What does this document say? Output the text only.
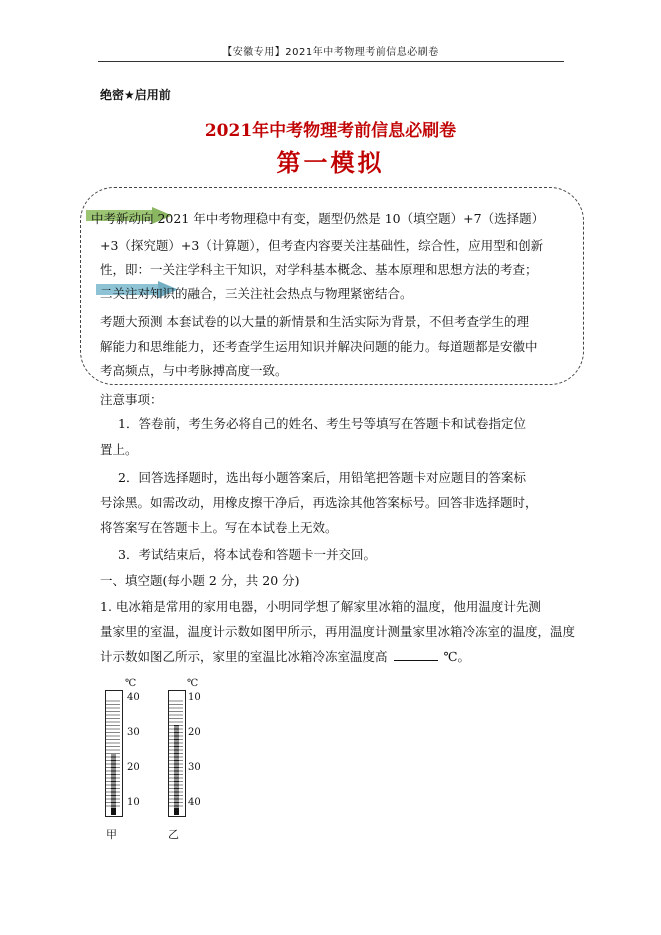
【安徽专用】2021年中考物理考前信息必刷卷
绝密★启用前
2021年中考物理考前信息必刷卷
第一模拟
中考新动向 2021 年中考物理稳中有变，题型仍然是 10（填空题）+7（选择题）
+3（探究题）+3（计算题），但考查内容要关注基础性，综合性，应用型和创新
性，即：一关注学科主干知识，对学科基本概念、基本原理和思想方法的考查；
二关注对知识的融合，三关注社会热点与物理紧密结合。
考题大预测 本套试卷的以大量的新情景和生活实际为背景，不但考查学生的理
解能力和思维能力，还考查学生运用知识并解决问题的能力。每道题都是安徽中
考高频点，与中考脉搏高度一致。
注意事项：
1．答卷前，考生务必将自己的姓名、考生号等填写在答题卡和试卷指定位
置上。
2．回答选择题时，选出每小题答案后，用铅笔把答题卡对应题目的答案标
号涂黑。如需改动，用橡皮擦干净后，再选涂其他答案标号。回答非选择题时，
将答案写在答题卡上。写在本试卷上无效。
3．考试结束后，将本试卷和答题卡一并交回。
一、填空题(每小题 2 分，共 20 分)
1. 电冰箱是常用的家用电器，小明同学想了解家里冰箱的温度，他用温度计先测
量家里的室温，温度计示数如图甲所示，再用温度计测量家里冰箱冷冻室的温度，温度
计示数如图乙所示，家里的室温比冰箱冷冻室温度高	℃。
℃
40
30
20
10
甲
℃
10
20
30
40
乙
